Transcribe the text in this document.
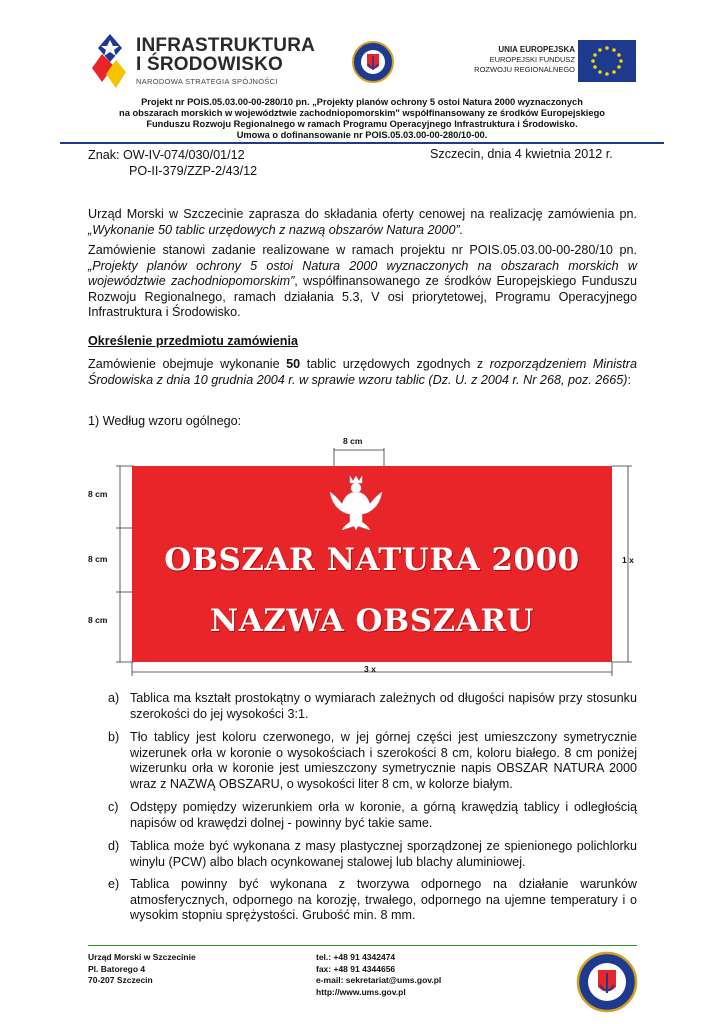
INFRASTRUKTURA
I ŚRODOWISKO
NARODOWA STRATEGIA SPÓJNOŚCI
UNIA EUROPEJSKA
EUROPEJSKI FUNDUSZ
ROZWOJU REGIONALNEGO
Projekt nr POIS.05.03.00-00-280/10 pn. „Projekty planów ochrony 5 ostoi Natura 2000 wyznaczonych
na obszarach morskich w województwie zachodniopomorskim" współfinansowany ze środków Europejskiego
Funduszu Rozwoju Regionalnego w ramach Programu Operacyjnego Infrastruktura i Środowisko.
Umowa o dofinansowanie nr POIS.05.03.00-00-280/10-00.
Znak: OW-IV-074/030/01/12
PO-II-379/ZZP-2/43/12
Szczecin, dnia 4 kwietnia 2012 r.
Urząd Morski w Szczecinie zaprasza do składania oferty cenowej na realizację zamówienia pn. „Wykonanie 50 tablic urzędowych z nazwą obszarów Natura 2000”.
Zamówienie stanowi zadanie realizowane w ramach projektu nr POIS.05.03.00-00-280/10 pn. „Projekty planów ochrony 5 ostoi Natura 2000 wyznaczonych na obszarach morskich w województwie zachodniopomorskim”, współfinansowanego ze środków Europejskiego Funduszu Rozwoju Regionalnego, ramach działania 5.3, V osi priorytetowej, Programu Operacyjnego Infrastruktura i Środowisko.
Określenie przedmiotu zamówienia
Zamówienie obejmuje wykonanie 50 tablic urzędowych zgodnych z rozporządzeniem Ministra Środowiska z dnia 10 grudnia 2004 r. w sprawie wzoru tablic (Dz. U. z 2004 r. Nr 268, poz. 2665):
1) Według wzoru ogólnego:
8 cm
8 cm
8 cm
8 cm
1 x
3 x
OBSZAR NATURA 2000
NAZWA OBSZARU
a) Tablica ma kształt prostokątny o wymiarach zależnych od długości napisów przy stosunku szerokości do jej wysokości 3:1.
b) Tło tablicy jest koloru czerwonego, w jej górnej części jest umieszczony symetrycznie wizerunek orła w koronie o wysokościach i szerokości 8 cm, koloru białego. 8 cm poniżej wizerunku orła w koronie jest umieszczony symetrycznie napis OBSZAR NATURA 2000 wraz z NAZWĄ OBSZARU, o wysokości liter 8 cm, w kolorze białym.
c) Odstępy pomiędzy wizerunkiem orła w koronie, a górną krawędzią tablicy i odległością napisów od krawędzi dolnej - powinny być takie same.
d) Tablica może być wykonana z masy plastycznej sporządzonej ze spienionego polichlorku winylu (PCW) albo blach ocynkowanej stalowej lub blachy aluminiowej.
e) Tablica powinny być wykonana z tworzywa odpornego na działanie warunków atmosferycznych, odpornego na korozję, trwałego, odpornego na ujemne temperatury i o wysokim stopniu sprężystości. Grubość min. 8 mm.
Urząd Morski w Szczecinie
Pl. Batorego 4
70-207 Szczecin
tel.: +48 91 4342474
fax: +48 91 4344656
e-mail: sekretariat@ums.gov.pl
http://www.ums.gov.pl
